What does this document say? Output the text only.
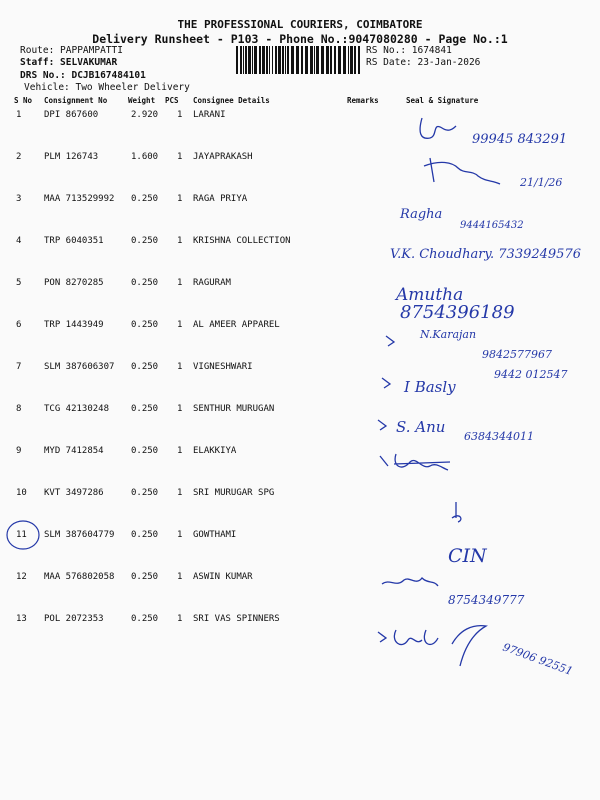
THE PROFESSIONAL COURIERS, COIMBATORE
Delivery Runsheet - P103 - Phone No.:9047080280 - Page No.:1
Route: PAPPAMPATTI
Staff: SELVAKUMAR
DRS No.: DCJB167484101
Vehicle: Two Wheeler Delivery
RS No.: 1674841
RS Date: 23-Jan-2026
S No Consignment No	Weight PCS Consignee Details	Remarks	Seal & Signature
1	DPI 867600	2.920 1 LARANI
2	PLM 126743	1.600 1 JAYAPRAKASH
3	MAA 713529992 0.250 1 RAGA PRIYA
4	TRP 6040351	0.250 1 KRISHNA COLLECTION
5	PON 8270285	0.250 1 RAGURAM
6	TRP 1443949	0.250 1 AL AMEER APPAREL
7	SLM 387606307 0.250 1 VIGNESHWARI
8	TCG 42130248 0.250 1 SENTHUR MURUGAN
9	MYD 7412854	0.250 1 ELAKKIYA
10 KVT 3497286	0.250 1 SRI MURUGAR SPG
11 SLM 387604779 0.250 1 GOWTHAMI
12 MAA 576802058 0.250 1 ASWIN KUMAR
13 POL 2072353	0.250 1 SRI VAS SPINNERS
99945 843291
21/1/26
Ragha
9444165432
V.K. Choudhary. 7339249576
Amutha
8754396189
N.Karajan
9842577967
9442 012547
I Basly
S. Anu
6384344011
CIN
8754349777
97906 92551
